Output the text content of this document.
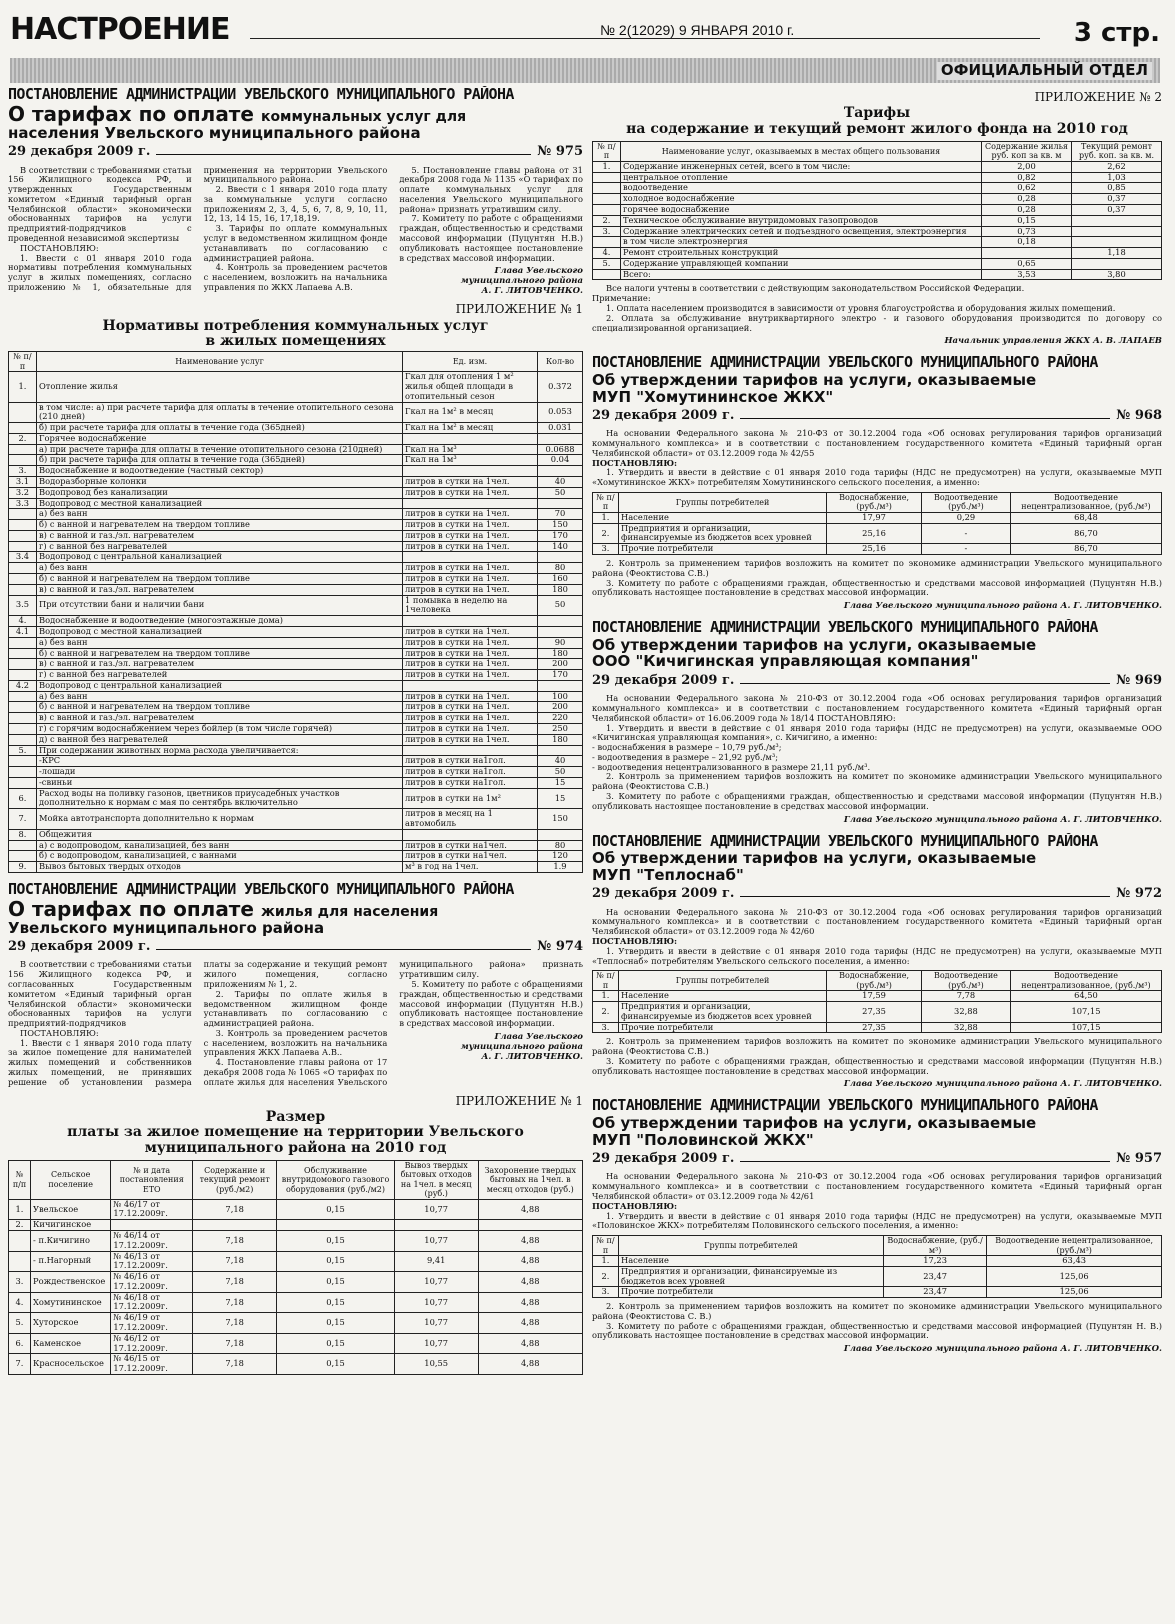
НАСТРОЕНИЕ	№ 2(12029) 9 ЯНВАРЯ 2010 г.	3 стр.
ОФИЦИАЛЬНЫЙ ОТДЕЛ
ПОСТАНОВЛЕНИЕ АДМИНИСТРАЦИИ УВЕЛЬСКОГО МУНИЦИПАЛЬНОГО РАЙОНА
О тарифах по оплате коммунальных услуг для
населения Увельского муниципального района
29 декабря 2009 г.	№ 975

В соответствии с требованиями статьи 156 Жилищного кодекса РФ, и утвержденных Государственным комитетом «Единый тарифный орган Челябинской области» экономически обоснованных тарифов на услуги предприятий-подрядчиков с проведенной независимой экспертизы

ПОСТАНОВЛЯЮ:

1. Ввести с 01 января 2010 года нормативы потребления коммунальных услуг в жилых помещениях, согласно приложению № 1, обязательные для применения на территории Увельского муниципального района.

2. Ввести с 1 января 2010 года плату за коммунальные услуги согласно приложениям 2, 3, 4, 5, 6, 7, 8, 9, 10, 11, 12, 13, 14 15, 16, 17,18,19.

3. Тарифы по оплате коммунальных услуг в ведомственном жилищном фонде устанавливать по согласованию с администрацией района.

4. Контроль за проведением расчетов с населением, возложить на начальника управления по ЖКХ Лапаева А.В.

5. Постановление главы района от 31 декабря 2008 года № 1135 «О тарифах по оплате коммунальных услуг для населения Увельского муниципального района» признать утратившим силу.

7. Комитету по работе с обращениями граждан, общественностью и средствами массовой информации (Пуцунтян Н.В.) опубликовать настоящее постановление в средствах массовой информации.

Глава Увельского
муниципального района
А. Г. ЛИТОВЧЕНКО.
ПРИЛОЖЕНИЕ № 1
Нормативы потребления коммунальных услуг
в жилых помещениях
№ п/п	Наименование услуг	Ед. изм.	Кол-во
1.	Отопление жилья	Гкал для отопления 1 м² жилья общей площади в отопительный сезон	0.372
	в том числе: а) при расчете тарифа для оплаты в течение отопительного сезона (210 дней)	Гкал на 1м² в месяц	0.053
	б) при расчете тарифа для оплаты в течение года (365дней)	Гкал на 1м² в месяц	0.031
2.	Горячее водоснабжение		
	а) при расчете тарифа для оплаты в течение отопительного сезона (210дней)	Гкал на 1м³	0.0688
	б) при расчете тарифа для оплаты в течение года (365дней)	Гкал на 1м³	0.04
3.	Водоснабжение и водоотведение (частный сектор)		
3.1	Водоразборные колонки	литров в сутки на 1чел.	40
3.2	Водопровод без канализации	литров в сутки на 1чел.	50
3.3	Водопровод с местной канализацией		
	а) без ванн	литров в сутки на 1чел.	70
	б) с ванной и нагревателем на твердом топливе	литров в сутки на 1чел.	150
	в) с ванной и газ./эл. нагревателем	литров в сутки на 1чел.	170
	г) с ванной без нагревателей	литров в сутки на 1чел.	140
3.4	Водопровод с центральной канализацией		
	а) без ванн	литров в сутки на 1чел.	80
	б) с ванной и нагревателем на твердом топливе	литров в сутки на 1чел.	160
	в) с ванной и газ./эл. нагревателем	литров в сутки на 1чел.	180
3.5	При отсутствии бани и наличии бани	1 помывка в неделю на 1человека	50
4.	Водоснабжение и водоотведение (многоэтажные дома)		
4.1	Водопровод с местной канализацией	литров в сутки на 1чел.	
	а) без ванн	литров в сутки на 1чел.	90
	б) с ванной и нагревателем на твердом топливе	литров в сутки на 1чел.	180
	в) с ванной и газ./эл. нагревателем	литров в сутки на 1чел.	200
	г) с ванной без нагревателей	литров в сутки на 1чел.	170
4.2	Водопровод с центральной канализацией		
	а) без ванн	литров в сутки на 1чел.	100
	б) с ванной и нагревателем на твердом топливе	литров в сутки на 1чел.	200
	в) с ванной и газ./эл. нагревателем	литров в сутки на 1чел.	220
	г) с горячим водоснабжением через бойлер (в том числе горячей)	литров в сутки на 1чел.	250
	д) с ванной без нагревателей	литров в сутки на 1чел.	180
5.	При содержании животных норма расхода увеличивается:		
	-КРС	литров в сутки на1гол.	40
	-лошади	литров в сутки на1гол.	50
	-свиньи	литров в сутки на1гол.	15
6.	Расход воды на поливку газонов, цветников приусадебных участков дополнительно к нормам с мая по сентябрь включительно	литров в сутки на 1м²	15
7.	Мойка автотранспорта дополнительно к нормам	литров в месяц на 1 автомобиль	150
8.	Общежития		
	а) с водопроводом, канализацией, без ванн	литров в сутки на1чел.	80
	б) с водопроводом, канализацией, с ваннами	литров в сутки на1чел.	120
9.	Вывоз бытовых твердых отходов	м³ в год на 1чел.	1.9
ПОСТАНОВЛЕНИЕ АДМИНИСТРАЦИИ УВЕЛЬСКОГО МУНИЦИПАЛЬНОГО РАЙОНА
О тарифах по оплате жилья для населения
Увельского муниципального района
29 декабря 2009 г.	№ 974

В соответствии с требованиями статьи 156 Жилищного кодекса РФ, и согласованных Государственным комитетом «Единый тарифный орган Челябинской области» экономически обоснованных тарифов на услуги предприятий-подрядчиков

ПОСТАНОВЛЯЮ:

1. Ввести с 1 января 2010 года плату за жилое помещение для нанимателей жилых помещений и собственников жилых помещений, не принявших решение об установлении размера платы за содержание и текущий ремонт жилого помещения, согласно приложениям № 1, 2.

2. Тарифы по оплате жилья в ведомственном жилищном фонде устанавливать по согласованию с администрацией района.

3. Контроль за проведением расчетов с населением, возложить на начальника управления ЖКХ Лапаева А.В..

4. Постановление главы района от 17 декабря 2008 года № 1065 «О тарифах по оплате жилья для населения Увельского муниципального района» признать утратившим силу.

5. Комитету по работе с обращениями граждан, общественностью и средствами массовой информации (Пуцунтян Н.В.) опубликовать настоящее постановление в средствах массовой информации.

Глава Увельского
муниципального района
А. Г. ЛИТОВЧЕНКО.
ПРИЛОЖЕНИЕ № 1
Размер
платы за жилое помещение на территории Увельского
муниципального района на 2010 год
№ п/п	Сельское поселение	№ и дата постановления ЕТО	Содержание и текущий ремонт (руб./м2)	Обслуживание внутридомового газового оборудования (руб./м2)	Вывоз твердых бытовых отходов на 1чел. в месяц (руб.)	Захоронение твердых бытовых на 1чел. в месяц отходов (руб.)
1.	Увельское	№ 46/17 от 17.12.2009г.	7,18	0,15	10,77	4,88
2.	Кичигинское					
	- п.Кичигино	№ 46/14 от 17.12.2009г.	7,18	0,15	10,77	4,88
	- п.Нагорный	№ 46/13 от 17.12.2009г.	7,18	0,15	9,41	4,88
3.	Рождественское	№ 46/16 от 17.12.2009г.	7,18	0,15	10,77	4,88
4.	Хомутининское	№ 46/18 от 17.12.2009г.	7,18	0,15	10,77	4,88
5.	Хуторское	№ 46/19 от 17.12.2009г.	7,18	0,15	10,77	4,88
6.	Каменское	№ 46/12 от 17.12.2009г.	7,18	0,15	10,77	4,88
7.	Красносельское	№ 46/15 от 17.12.2009г.	7,18	0,15	10,55	4,88
ПРИЛОЖЕНИЕ № 2
Тарифы
на содержание и текущий ремонт жилого фонда на 2010 год
№ п/п	Наименование услуг, оказываемых в местах общего пользования	Содержание жилья руб. коп за кв. м	Текущий ремонт руб. коп. за кв. м.
1.	Содержание инженерных сетей, всего в том числе:	2,00	2,62
	центральное отопление	0,82	1,03
	водоотведение	0,62	0,85
	холодное водоснабжение	0,28	0,37
	горячее водоснабжение	0,28	0,37
2.	Техническое обслуживание внутридомовых газопроводов	0,15	
3.	Содержание электрических сетей и подъездного освещения, электроэнергия	0,73	
	в том числе электроэнергия	0,18	
4.	Ремонт строительных конструкций		1,18
5.	Содержание управляющей компании	0,65	
	Всего:	3,53	3,80

Все налоги учтены в соответствии с действующим законодательством Российской Федерации.

Примечание:

1. Оплата населением производится в зависимости от уровня благоустройства и оборудования жилых помещений.

2. Оплата за обслуживание внутриквартирного электро - и газового оборудования производится по договору со специализированной организацией.

Начальник управления ЖКХ А. В. ЛАПАЕВ
ПОСТАНОВЛЕНИЕ АДМИНИСТРАЦИИ УВЕЛЬСКОГО МУНИЦИПАЛЬНОГО РАЙОНА
Об утверждении тарифов на услуги, оказываемые
МУП "Хомутининское ЖКХ"
29 декабря 2009 г.	№ 968

На основании Федерального закона № 210-ФЗ от 30.12.2004 года «Об основах регулирования тарифов организаций коммунального комплекса» и в соответствии с постановлением государственного комитета «Единый тарифный орган Челябинской области» от 03.12.2009 года № 42/55

ПОСТАНОВЛЯЮ:

1. Утвердить и ввести в действие с 01 января 2010 года тарифы (НДС не предусмотрен) на услуги, оказываемые МУП «Хомутининское ЖКХ» потребителям Хомутининского сельского поселения, а именно:

№ п/п	Группы потребителей	Водоснабжение, (руб./м³)	Водоотведение (руб./м³)	Водоотведение нецентрализованное, (руб./м³)
1.	Население	17,97	0,29	68,48
2.	Предприятия и организации, финансируемые из бюджетов всех уровней	25,16	-	86,70
3.	Прочие потребители	25,16	-	86,70

2. Контроль за применением тарифов возложить на комитет по экономике администрации Увельского муниципального района (Феоктистова С.В.)

3. Комитету по работе с обращениями граждан, общественностью и средствами массовой информацией (Пуцунтян Н.В.) опубликовать настоящее постановление в средствах массовой информации.

Глава Увельского муниципального района А. Г. ЛИТОВЧЕНКО.
ПОСТАНОВЛЕНИЕ АДМИНИСТРАЦИИ УВЕЛЬСКОГО МУНИЦИПАЛЬНОГО РАЙОНА
Об утверждении тарифов на услуги, оказываемые
ООО "Кичигинская управляющая компания"
29 декабря 2009 г.	№ 969

На основании Федерального закона № 210-ФЗ от 30.12.2004 года «Об основах регулирования тарифов организаций коммунального комплекса» и в соответствии с постановлением государственного комитета «Единый тарифный орган Челябинской области» от 16.06.2009 года № 18/14 ПОСТАНОВЛЯЮ:

1. Утвердить и ввести в действие с 01 января 2010 года тарифы (НДС не предусмотрен) на услуги, оказываемые ООО «Кичигинская управляющая компания», с. Кичигино, а именно:

- водоснабжения в размере – 10,79 руб./м³;
- водоотведения в размере – 21,92 руб./м³;
- водоотведения нецентрализованного в размере 21,11 руб./м³.

2. Контроль за применением тарифов возложить на комитет по экономике администрации Увельского муниципального района (Феоктистова С.В.)

3. Комитету по работе с обращениями граждан, общественностью и средствами массовой информации (Пуцунтян Н.В.) опубликовать настоящее постановление в средствах массовой информации.

Глава Увельского муниципального района А. Г. ЛИТОВЧЕНКО.
ПОСТАНОВЛЕНИЕ АДМИНИСТРАЦИИ УВЕЛЬСКОГО МУНИЦИПАЛЬНОГО РАЙОНА
Об утверждении тарифов на услуги, оказываемые
МУП "Теплоснаб"
29 декабря 2009 г.	№ 972

На основании Федерального закона № 210-ФЗ от 30.12.2004 года «Об основах регулирования тарифов организаций коммунального комплекса» и в соответствии с постановлением государственного комитета «Единый тарифный орган Челябинской области» от 03.12.2009 года № 42/60

ПОСТАНОВЛЯЮ:

1. Утвердить и ввести в действие с 01 января 2010 года тарифы (НДС не предусмотрен) на услуги, оказываемые МУП «Теплоснаб» потребителям Увельского сельского поселения, а именно:

№ п/п	Группы потребителей	Водоснабжение, (руб./м³)	Водоотведение (руб./м³)	Водоотведение нецентрализованное, (руб./м³)
1.	Население	17,59	7,78	64,50
2.	Предприятия и организации, финансируемые из бюджетов всех уровней	27,35	32,88	107,15
3.	Прочие потребители	27,35	32,88	107,15

2. Контроль за применением тарифов возложить на комитет по экономике администрации Увельского муниципального района (Феоктистова С.В.)

3. Комитету по работе с обращениями граждан, общественностью и средствами массовой информации (Пуцунтян Н.В.) опубликовать настоящее постановление в средствах массовой информации.

Глава Увельского муниципального района А. Г. ЛИТОВЧЕНКО.
ПОСТАНОВЛЕНИЕ АДМИНИСТРАЦИИ УВЕЛЬСКОГО МУНИЦИПАЛЬНОГО РАЙОНА
Об утверждении тарифов на услуги, оказываемые
МУП "Половинской ЖКХ"
29 декабря 2009 г.	№ 957

На основании Федерального закона № 210-ФЗ от 30.12.2004 года «Об основах регулирования тарифов организаций коммунального комплекса» и в соответствии с постановлением государственного комитета «Единый тарифный орган Челябинской области» от 03.12.2009 года № 42/61

ПОСТАНОВЛЯЮ:

1. Утвердить и ввести в действие с 01 января 2010 года тарифы (НДС не предусмотрен) на услуги, оказываемые МУП «Половинское ЖКХ» потребителям Половинского сельского поселения, а именно:

№ п/п	Группы потребителей	Водоснабжение, (руб./м³)	Водоотведение нецентрализованное, (руб./м³)
1.	Население	17,23	63,43
2.	Предприятия и организации, финансируемые из бюджетов всех уровней	23,47	125,06
3.	Прочие потребители	23,47	125,06

2. Контроль за применением тарифов возложить на комитет по экономике администрации Увельского муниципального района (Феоктистова С. В.)

3. Комитету по работе с обращениями граждан, общественностью и средствами массовой информацией (Пуцунтян Н. В.) опубликовать настоящее постановление в средствах массовой информации.

Глава Увельского муниципального района А. Г. ЛИТОВЧЕНКО.
